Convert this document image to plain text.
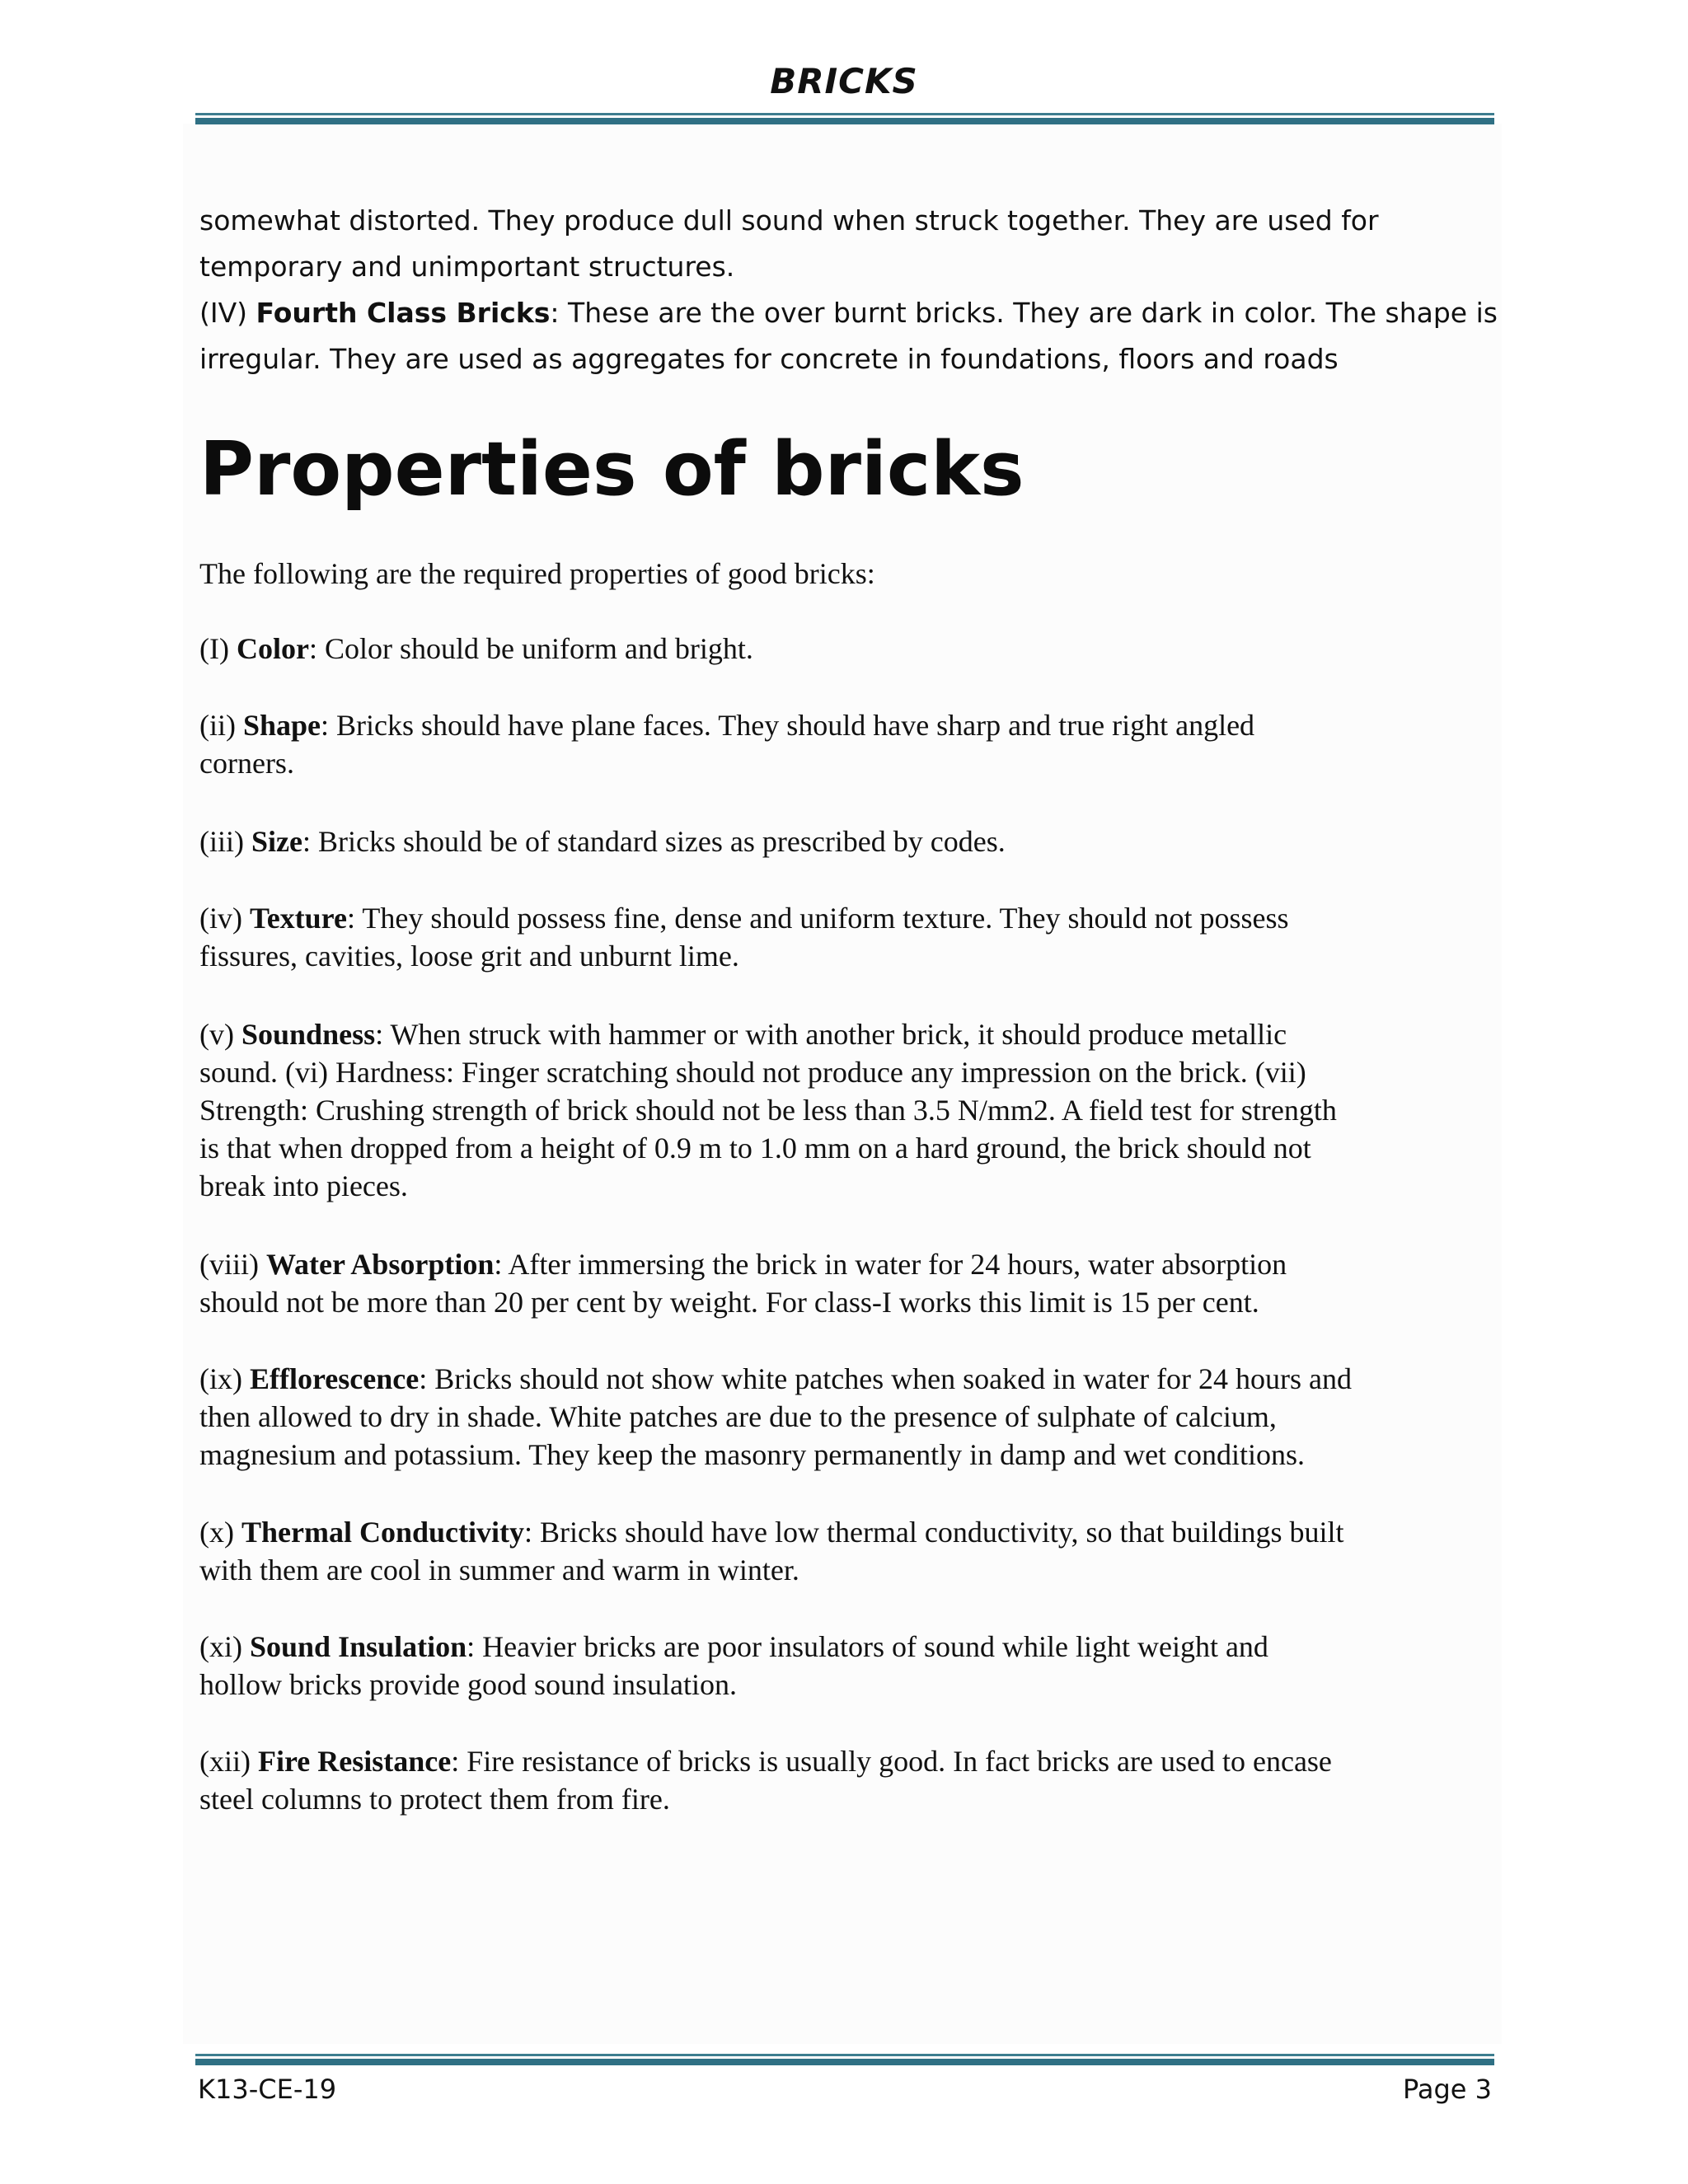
BRICKS

somewhat distorted. They produce dull sound when struck together. They are used for

temporary and unimportant structures.

(IV) Fourth Class Bricks: These are the over burnt bricks. They are dark in color. The shape is

irregular. They are used as aggregates for concrete in foundations, floors and roads

Properties of bricks

The following are the required properties of good bricks:

(I) Color: Color should be uniform and bright.

(ii) Shape: Bricks should have plane faces. They should have sharp and true right angled

corners.

(iii) Size: Bricks should be of standard sizes as prescribed by codes.

(iv) Texture: They should possess fine, dense and uniform texture. They should not possess

fissures, cavities, loose grit and unburnt lime.

(v) Soundness: When struck with hammer or with another brick, it should produce metallic

sound. (vi) Hardness: Finger scratching should not produce any impression on the brick. (vii)

Strength: Crushing strength of brick should not be less than 3.5 N/mm2. A field test for strength

is that when dropped from a height of 0.9 m to 1.0 mm on a hard ground, the brick should not

break into pieces.

(viii) Water Absorption: After immersing the brick in water for 24 hours, water absorption

should not be more than 20 per cent by weight. For class-I works this limit is 15 per cent.

(ix) Efflorescence: Bricks should not show white patches when soaked in water for 24 hours and

then allowed to dry in shade. White patches are due to the presence of sulphate of calcium,

magnesium and potassium. They keep the masonry permanently in damp and wet conditions.

(x) Thermal Conductivity: Bricks should have low thermal conductivity, so that buildings built

with them are cool in summer and warm in winter.

(xi) Sound Insulation: Heavier bricks are poor insulators of sound while light weight and

hollow bricks provide good sound insulation.

(xii) Fire Resistance: Fire resistance of bricks is usually good. In fact bricks are used to encase

steel columns to protect them from fire.

K13-CE-19	Page 3
